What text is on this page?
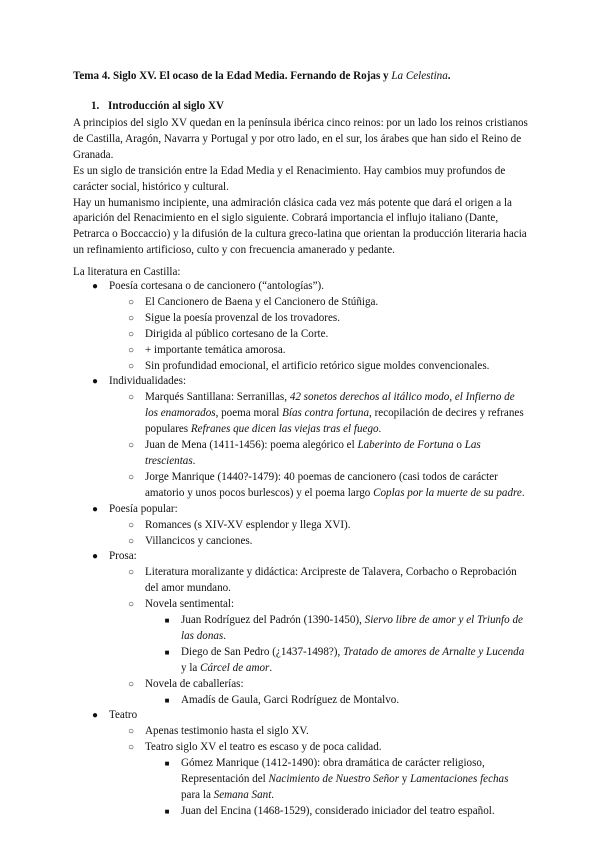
Tema 4. Siglo XV. El ocaso de la Edad Media. Fernando de Rojas y La Celestina.
1. Introducción al siglo XV

A principios del siglo XV quedan en la península ibérica cinco reinos: por un lado los reinos cristianos de Castilla, Aragón, Navarra y Portugal y por otro lado, en el sur, los árabes que han sido el Reino de Granada.

Es un siglo de transición entre la Edad Media y el Renacimiento. Hay cambios muy profundos de carácter social, histórico y cultural.

Hay un humanismo incipiente, una admiración clásica cada vez más potente que dará el origen a la aparición del Renacimiento en el siglo siguiente. Cobrará importancia el influjo italiano (Dante, Petrarca o Boccaccio) y la difusión de la cultura greco-latina que orientan la producción literaria hacia un refinamiento artificioso, culto y con frecuencia amanerado y pedante.

La literatura en Castilla:
● Poesía cortesana o de cancionero (“antologías”).
○ El Cancionero de Baena y el Cancionero de Stúñiga.
○ Sigue la poesía provenzal de los trovadores.
○ Dirigida al público cortesano de la Corte.
○ + importante temática amorosa.
○ Sin profundidad emocional, el artificio retórico sigue moldes convencionales.
● Individualidades:
○ Marqués Santillana: Serranillas, 42 sonetos derechos al itálico modo, el Infierno de los enamorados, poema moral Bías contra fortuna, recopilación de decires y refranes populares Refranes que dicen las viejas tras el fuego.
○ Juan de Mena (1411-1456): poema alegórico el Laberinto de Fortuna o Las trescientas.
○ Jorge Manrique (1440?-1479): 40 poemas de cancionero (casi todos de carácter amatorio y unos pocos burlescos) y el poema largo Coplas por la muerte de su padre.
● Poesía popular:
○ Romances (s XIV-XV esplendor y llega XVI).
○ Villancicos y canciones.
● Prosa:
○ Literatura moralizante y didáctica: Arcipreste de Talavera, Corbacho o Reprobación del amor mundano.
○ Novela sentimental:
■ Juan Rodríguez del Padrón (1390-1450), Siervo libre de amor y el Triunfo de las donas.
■ Diego de San Pedro (¿1437-1498?), Tratado de amores de Arnalte y Lucenda y la Cárcel de amor.
○ Novela de caballerías:
■ Amadís de Gaula, Garci Rodríguez de Montalvo.
● Teatro
○ Apenas testimonio hasta el siglo XV.
○ Teatro siglo XV el teatro es escaso y de poca calidad.
■ Gómez Manrique (1412-1490): obra dramática de carácter religioso, Representación del Nacimiento de Nuestro Señor y Lamentaciones fechas para la Semana Sant.
■ Juan del Encina (1468-1529), considerado iniciador del teatro español.
